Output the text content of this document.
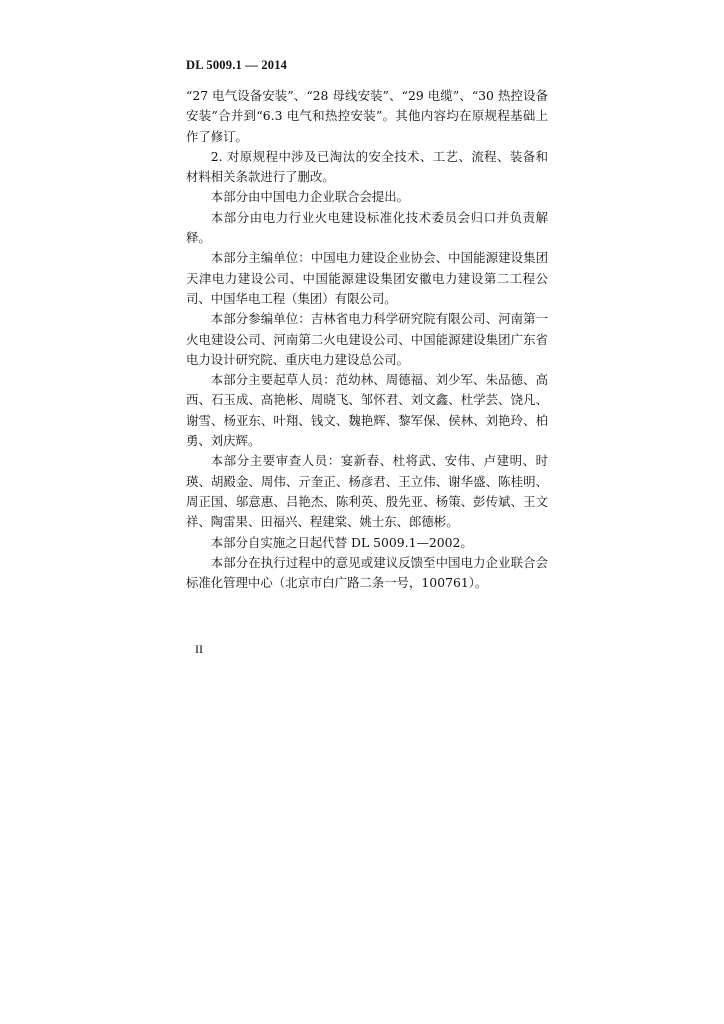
DL 5009.1 — 2014

“27 电气设备安装”、“28 母线安装”、“29 电缆”、“30 热控设备安装”合并到“6.3 电气和热控安装”。其他内容均在原规程基础上作了修订。

2. 对原规程中涉及已淘汰的安全技术、工艺、流程、装备和材料相关条款进行了删改。

本部分由中国电力企业联合会提出。

本部分由电力行业火电建设标准化技术委员会归口并负责解释。

本部分主编单位：中国电力建设企业协会、中国能源建设集团天津电力建设公司、中国能源建设集团安徽电力建设第二工程公司、中国华电工程（集团）有限公司。

本部分参编单位：吉林省电力科学研究院有限公司、河南第一火电建设公司、河南第二火电建设公司、中国能源建设集团广东省电力设计研究院、重庆电力建设总公司。

本部分主要起草人员：范幼林、周德福、刘少军、朱品德、高西、石玉成、高艳彬、周晓飞、邹怀君、刘文鑫、杜学芸、饶凡、谢雪、杨亚东、叶翔、钱文、魏艳辉、黎军保、侯林、刘艳玲、柏勇、刘庆辉。

本部分主要审查人员：宴新春、杜将武、安伟、卢建明、时瑛、胡殿金、周伟、亓奎正、杨彦君、王立伟、谢华盛、陈桂明、周正国、邬意惠、吕艳杰、陈利英、殷先亚、杨策、彭传斌、王文祥、陶雷果、田福兴、程建棠、姚士东、郎德彬。

本部分自实施之日起代替 DL 5009.1—2002。

本部分在执行过程中的意见或建议反馈至中国电力企业联合会标准化管理中心（北京市白广路二条一号，100761）。

II
